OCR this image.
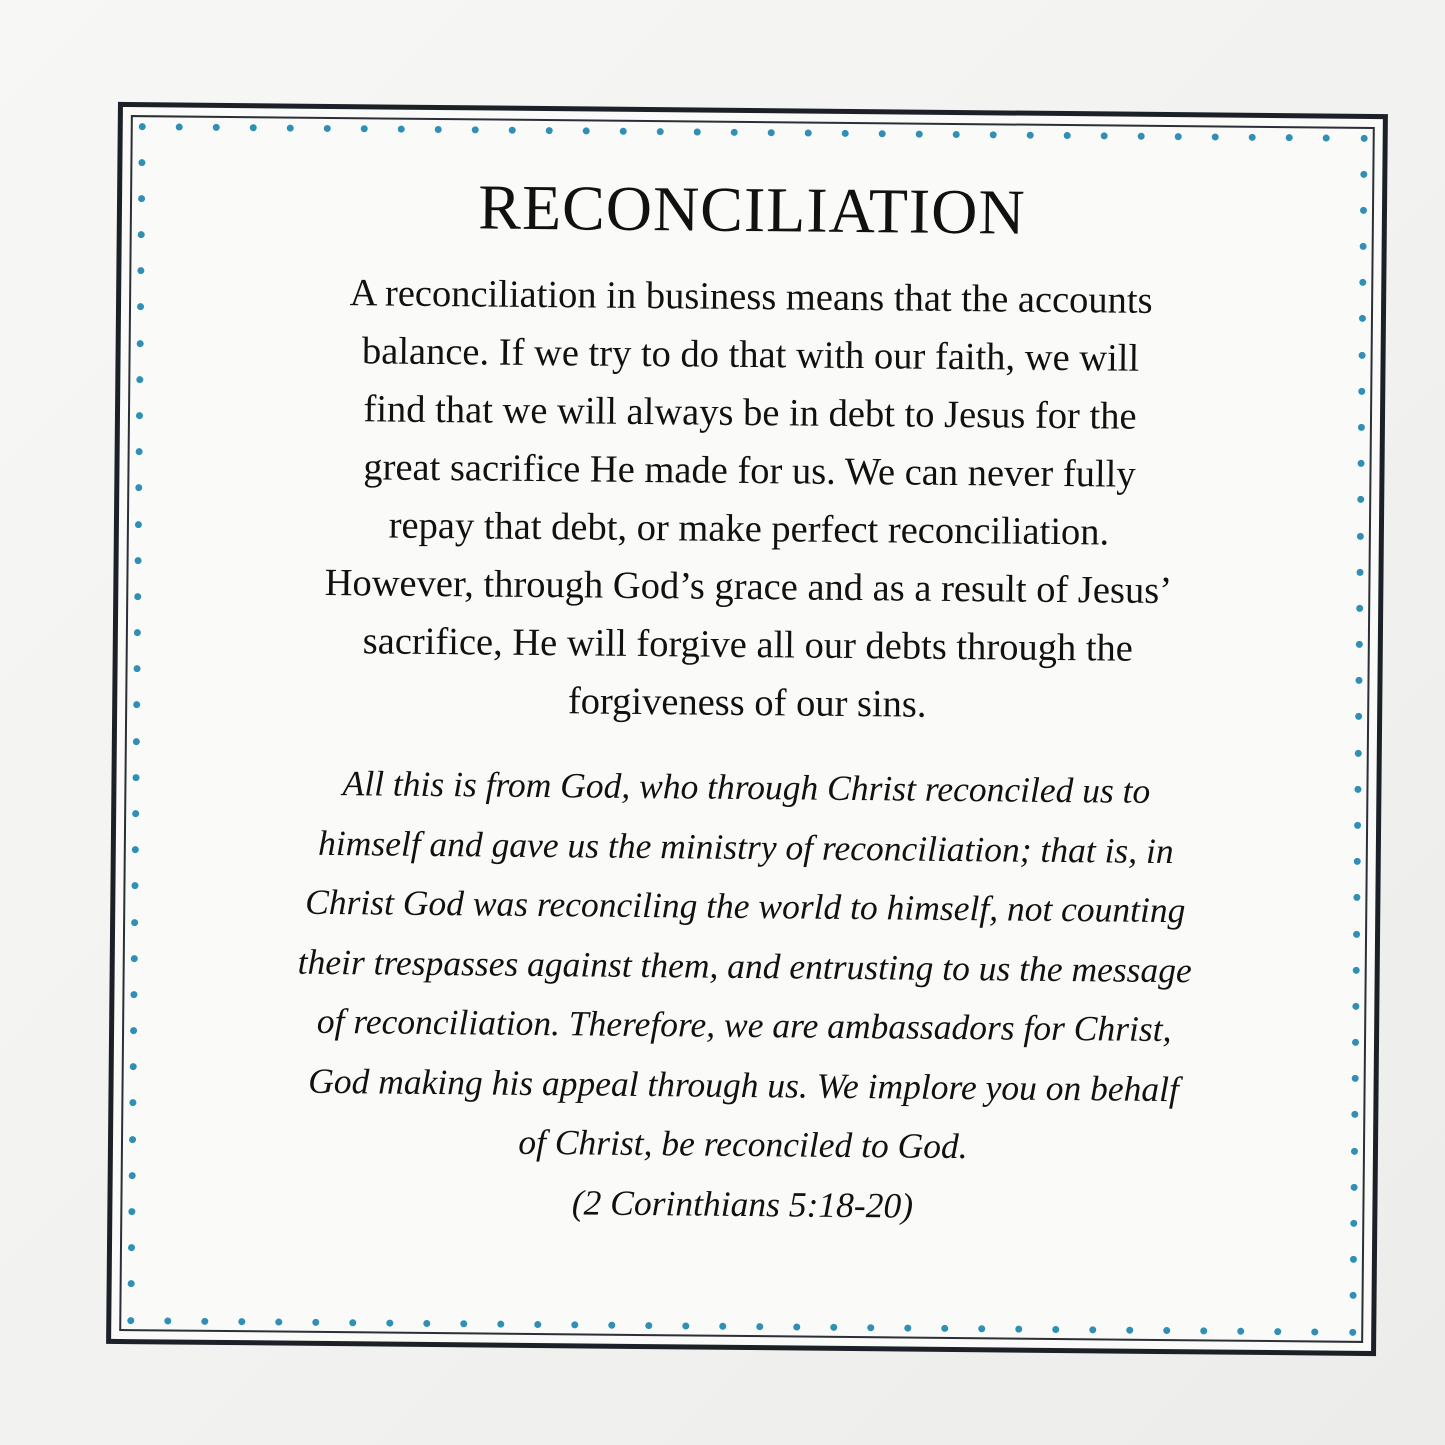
RECONCILIATION

A reconciliation in business means that the accounts
balance. If we try to do that with our faith, we will
find that we will always be in debt to Jesus for the
great sacrifice He made for us. We can never fully
repay that debt, or make perfect reconciliation.
However, through God’s grace and as a result of Jesus’
sacrifice, He will forgive all our debts through the
forgiveness of our sins.

All this is from God, who through Christ reconciled us to
himself and gave us the ministry of reconciliation; that is, in
Christ God was reconciling the world to himself, not counting
their trespasses against them, and entrusting to us the message
of reconciliation. Therefore, we are ambassadors for Christ,
God making his appeal through us. We implore you on behalf
of Christ, be reconciled to God.

(2 Corinthians 5:18-20)
